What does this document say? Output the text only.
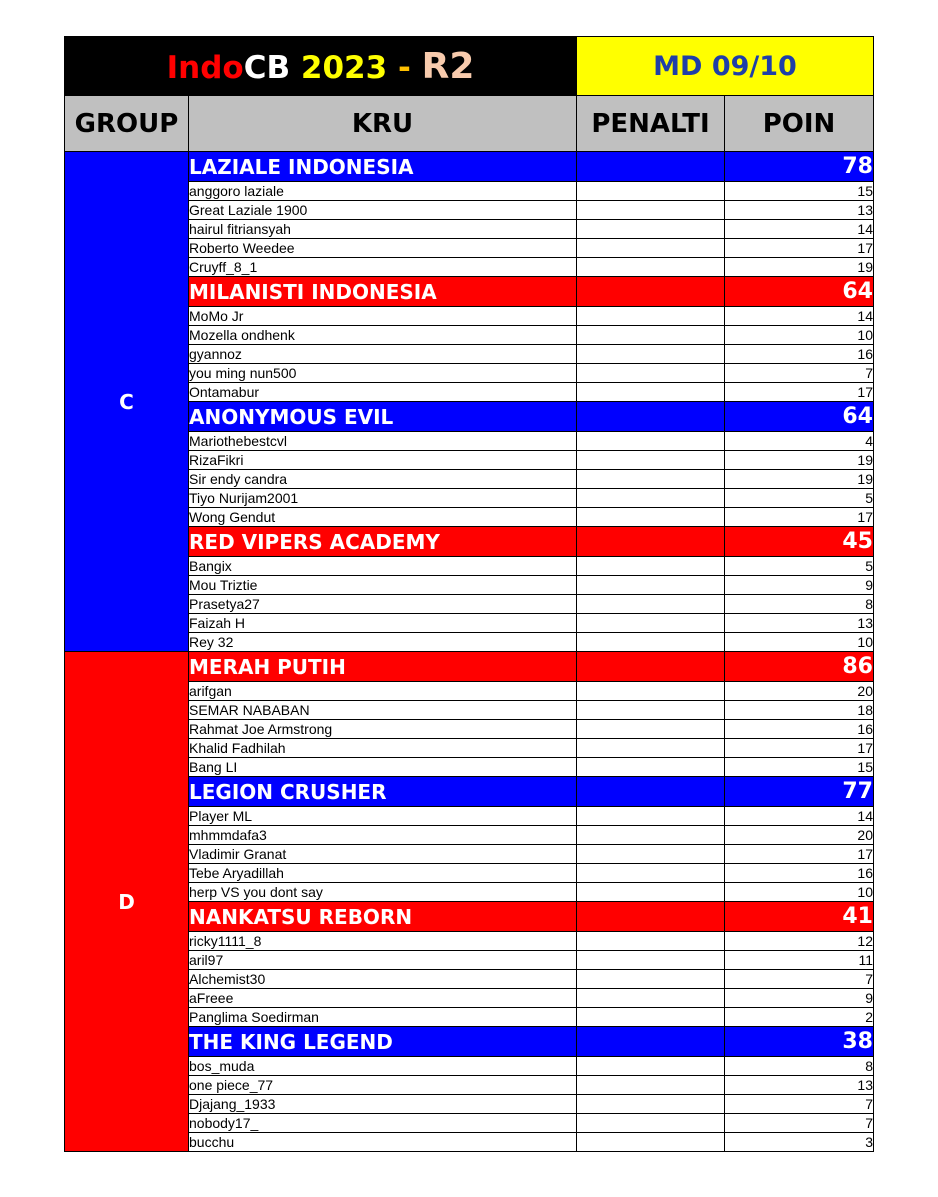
IndoCB 2023 - R2		MD 09/10	
GROUP	KRU	PENALTI	POIN
C	LAZIALE INDONESIA		78
	anggoro laziale		15
	Great Laziale 1900		13
	hairul fitriansyah		14
	Roberto Weedee		17
	Cruyff_8_1		19
	MILANISTI INDONESIA		64
	MoMo Jr		14
	Mozella ondhenk		10
	gyannoz		16
	you ming nun500		7
	Ontamabur		17
	ANONYMOUS EVIL		64
	Mariothebestcvl		4
	RizaFikri		19
	Sir endy candra		19
	Tiyo Nurijam2001		5
	Wong Gendut		17
	RED VIPERS ACADEMY		45
	Bangix		5
	Mou Triztie		9
	Prasetya27		8
	Faizah H		13
	Rey 32		10
D	MERAH PUTIH		86
	arifgan		20
	SEMAR NABABAN		18
	Rahmat Joe Armstrong		16
	Khalid Fadhilah		17
	Bang LI		15
	LEGION CRUSHER		77
	Player ML		14
	mhmmdafa3		20
	Vladimir Granat		17
	Tebe Aryadillah		16
	herp VS you dont say		10
	NANKATSU REBORN		41
	ricky1111_8		12
	aril97		11
	Alchemist30		7
	aFreee		9
	Panglima Soedirman		2
	THE KING LEGEND		38
	bos_muda		8
	one piece_77		13
	Djajang_1933		7
	nobody17_		7
	bucchu		3
